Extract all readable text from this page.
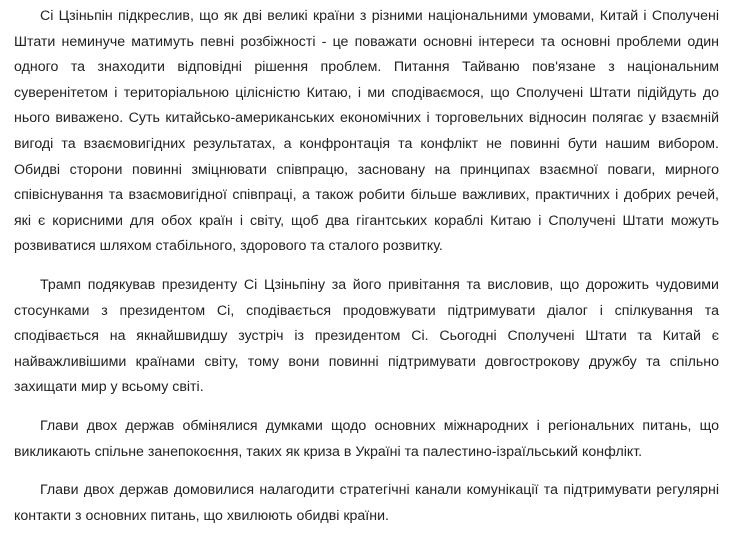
Сі Цзіньпін підкреслив, що як дві великі країни з різними національними умовами, Китай і Сполучені Штати неминуче матимуть певні розбіжності - це поважати основні інтереси та основні проблеми один одного та знаходити відповідні рішення проблем. Питання Тайваню пов'язане з національним суверенітетом і територіальною цілісністю Китаю, і ми сподіваємося, що Сполучені Штати підійдуть до нього виважено. Суть китайсько-американських економічних і торговельних відносин полягає у взаємній вигоді та взаємовигідних результатах, а конфронтація та конфлікт не повинні бути нашим вибором. Обидві сторони повинні зміцнювати співпрацю, засновану на принципах взаємної поваги, мирного співіснування та взаємовигідної співпраці, а також робити більше важливих, практичних і добрих речей, які є корисними для обох країн і світу, щоб два гігантських кораблі Китаю і Сполучені Штати можуть розвиватися шляхом стабільного, здорового та сталого розвитку.

Трамп подякував президенту Сі Цзіньпіну за його привітання та висловив, що дорожить чудовими стосунками з президентом Сі, сподівається продовжувати підтримувати діалог і спілкування та сподівається на якнайшвидшу зустріч із президентом Сі. Сьогодні Сполучені Штати та Китай є найважливішими країнами світу, тому вони повинні підтримувати довгострокову дружбу та спільно захищати мир у всьому світі.

Глави двох держав обмінялися думками щодо основних міжнародних і регіональних питань, що викликають спільне занепокоєння, таких як криза в Україні та палестино-ізраїльський конфлікт.

Глави двох держав домовилися налагодити стратегічні канали комунікації та підтримувати регулярні контакти з основних питань, що хвилюють обидві країни.
